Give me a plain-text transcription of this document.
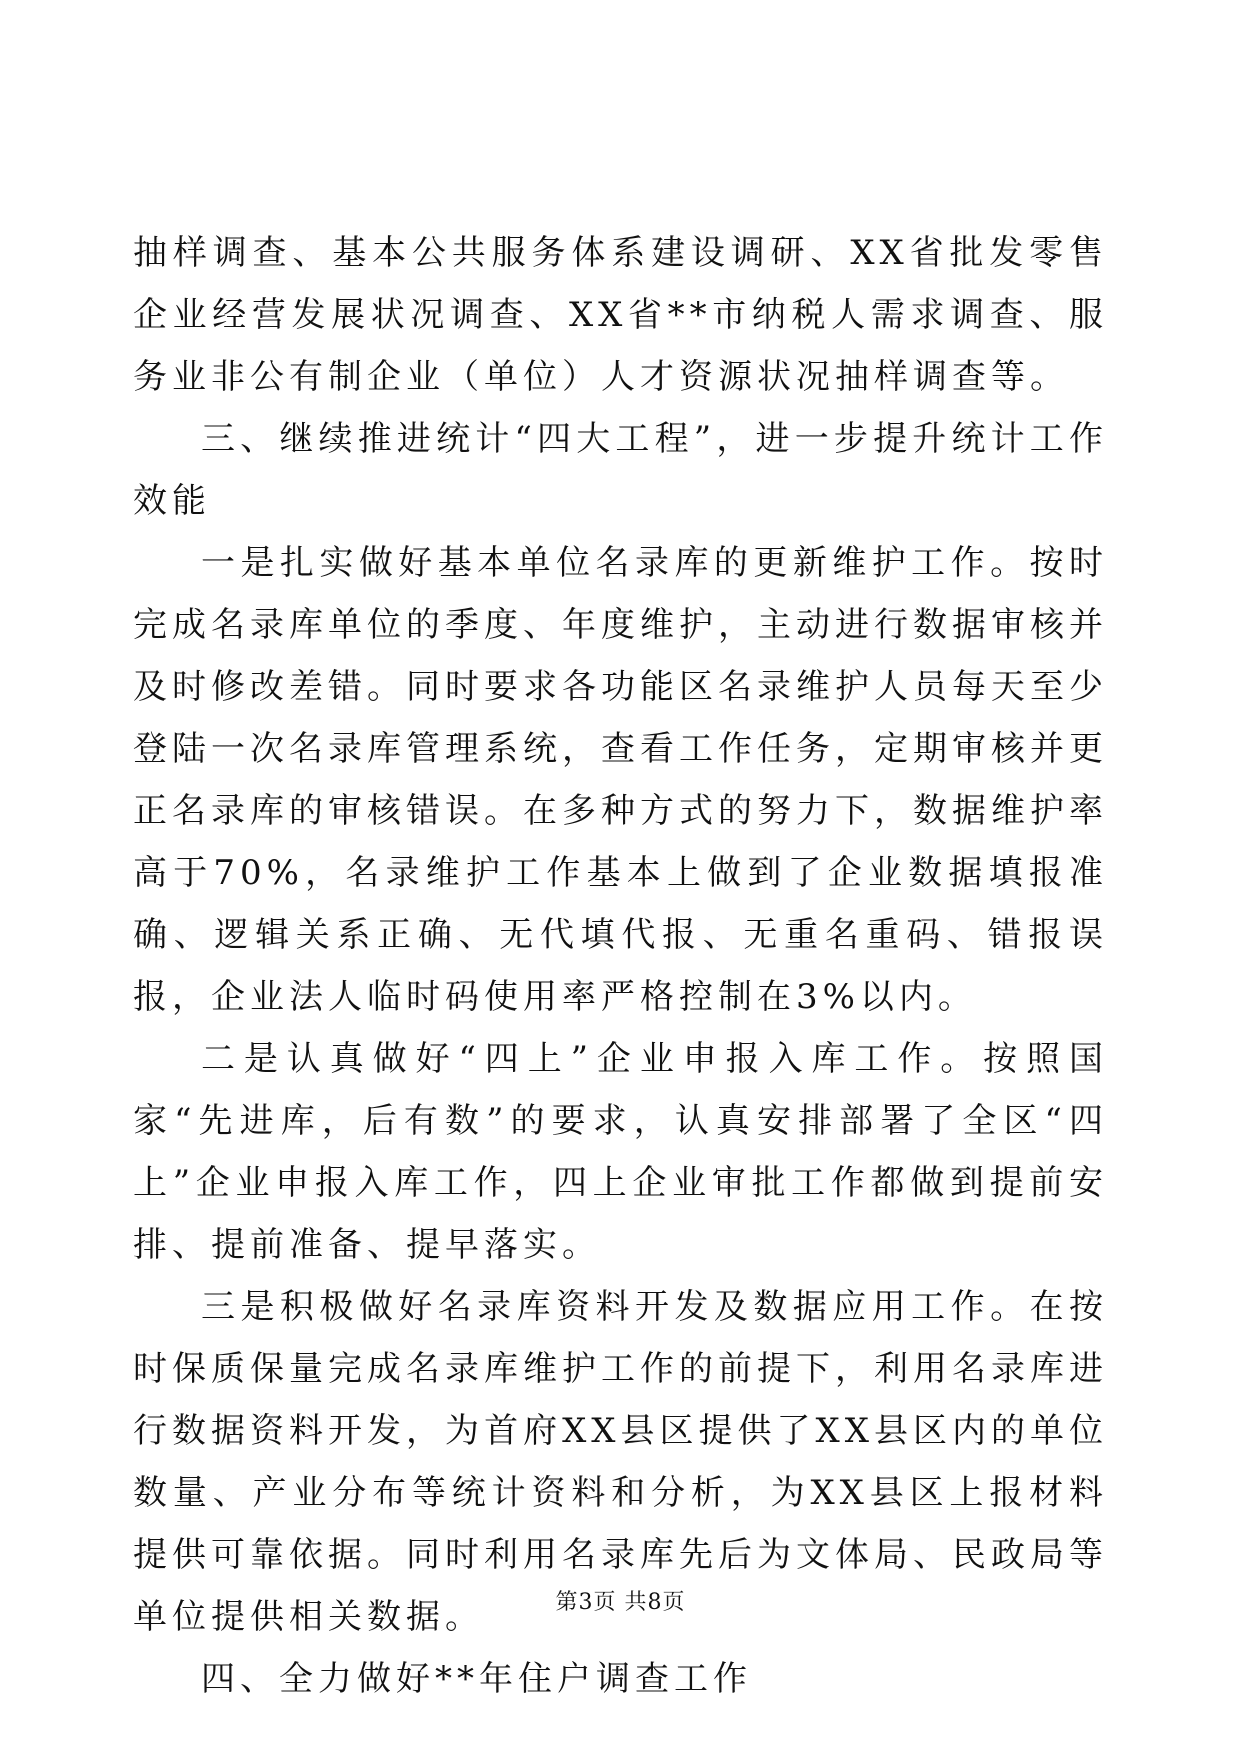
抽样调查、基本公共服务体系建设调研、XX省批发零售企业经营发展状况调查、XX省**市纳税人需求调查、服务业非公有制企业（单位）人才资源状况抽样调查等。

三、继续推进统计“四大工程”，进一步提升统计工作效能

一是扎实做好基本单位名录库的更新维护工作。按时完成名录库单位的季度、年度维护，主动进行数据审核并及时修改差错。同时要求各功能区名录维护人员每天至少登陆一次名录库管理系统，查看工作任务，定期审核并更正名录库的审核错误。在多种方式的努力下，数据维护率高于70%，名录维护工作基本上做到了企业数据填报准确、逻辑关系正确、无代填代报、无重名重码、错报误报，企业法人临时码使用率严格控制在3%以内。

二是认真做好“四上”企业申报入库工作。按照国家“先进库，后有数”的要求，认真安排部署了全区“四上”企业申报入库工作，四上企业审批工作都做到提前安排、提前准备、提早落实。

三是积极做好名录库资料开发及数据应用工作。在按时保质保量完成名录库维护工作的前提下，利用名录库进行数据资料开发，为首府XX县区提供了XX县区内的单位数量、产业分布等统计资料和分析，为XX县区上报材料提供可靠依据。同时利用名录库先后为文体局、民政局等单位提供相关数据。

四、全力做好**年住户调查工作

第3页 共8页
